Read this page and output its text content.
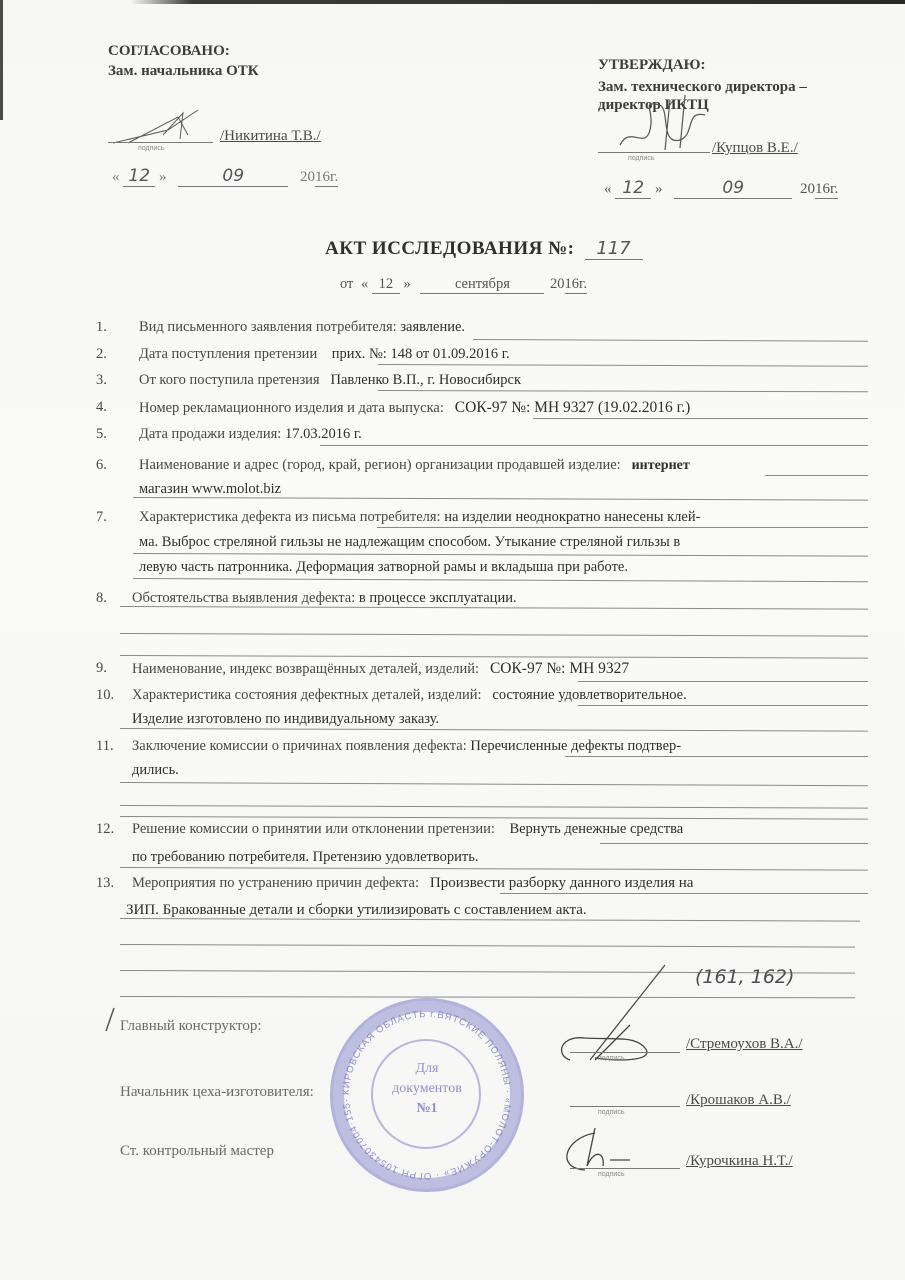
СОГЛАСОВАНО:
Зам. начальника ОТК
подпись
/Никитина Т.В./
« 12 »	09	2016г.
УТВЕРЖДАЮ:
Зам. технического директора –
директор ИКТЦ
подпись
/Купцов В.Е./
« 12 »	09	2016г.
АКТ ИССЛЕДОВАНИЯ №: 117
от « 12 »	сентября	2016г.
1.	Вид письменного заявления потребителя: заявление.
2.	Дата поступления претензии прих. №: 148 от 01.09.2016 г.
3.	От кого поступила претензия Павленко В.П., г. Новосибирск
4.	Номер рекламационного изделия и дата выпуска: СОК-97 №: МН 9327 (19.02.2016 г.)
5.	Дата продажи изделия: 17.03.2016 г.
6.	Наименование и адрес (город, край, регион) организации продавшей изделие: интернет
магазин www.molot.biz
7.	Характеристика дефекта из письма потребителя: на изделии неоднократно нанесены клей-
ма. Выброс стреляной гильзы не надлежащим способом. Утыкание стреляной гильзы в
левую часть патронника. Деформация затворной рамы и вкладыша при работе.
8.	Обстоятельства выявления дефекта: в процессе эксплуатации.
9.	Наименование, индекс возвращённых деталей, изделий: СОК-97 №: МН 9327
10.	Характеристика состояния дефектных деталей, изделий: состояние удовлетворительное.
Изделие изготовлено по индивидуальному заказу.
11.	Заключение комиссии о причинах появления дефекта: Перечисленные дефекты подтвер-
дились.
12.	Решение комиссии о принятии или отклонении претензии: Вернуть денежные средства
по требованию потребителя. Претензию удовлетворить.
13.	Мероприятия по устранению причин дефекта: Произвести разборку данного изделия на
ЗИП. Бракованные детали и сборки утилизировать с составлением акта.
(161, 162)
КИРОВСКАЯ ОБЛАСТЬ г.ВЯТСКИЕ ПОЛЯНЫ · «МОЛОТ-ОРУЖИЕ» · ОГРН 1054307004·155·
Для
документов
№1
Главный конструктор:
подпись
/Стремоухов В.А./
Начальник цеха-изготовителя:
подпись
/Крошаков А.В./
Ст. контрольный мастер
подпись
/Курочкина Н.Т./
